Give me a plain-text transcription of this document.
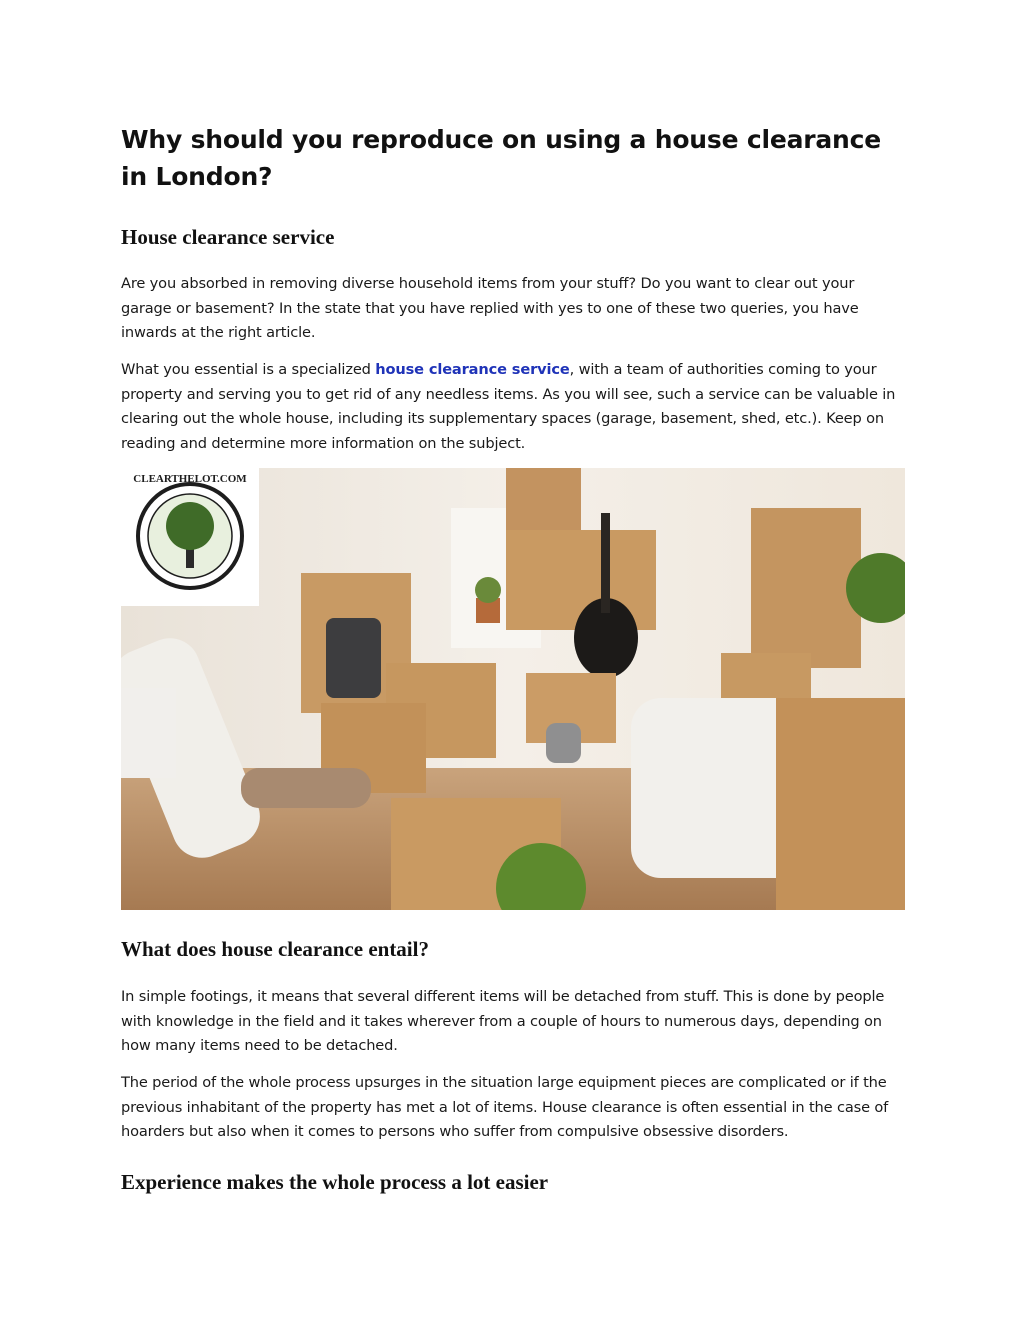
Why should you reproduce on using a house clearance in London?
House clearance service

Are you absorbed in removing diverse household items from your stuff? Do you want to clear out your garage or basement? In the state that you have replied with yes to one of these two queries, you have inwards at the right article.

What you essential is a specialized house clearance service, with a team of authorities coming to your property and serving you to get rid of any needless items. As you will see, such a service can be valuable in clearing out the whole house, including its supplementary spaces (garage, basement, shed, etc.). Keep on reading and determine more information on the subject.

CLEARTHELOT.COM
What does house clearance entail?

In simple footings, it means that several different items will be detached from stuff. This is done by people with knowledge in the field and it takes wherever from a couple of hours to numerous days, depending on how many items need to be detached.

The period of the whole process upsurges in the situation large equipment pieces are complicated or if the previous inhabitant of the property has met a lot of items. House clearance is often essential in the case of hoarders but also when it comes to persons who suffer from compulsive obsessive disorders.

Experience makes the whole process a lot easier
